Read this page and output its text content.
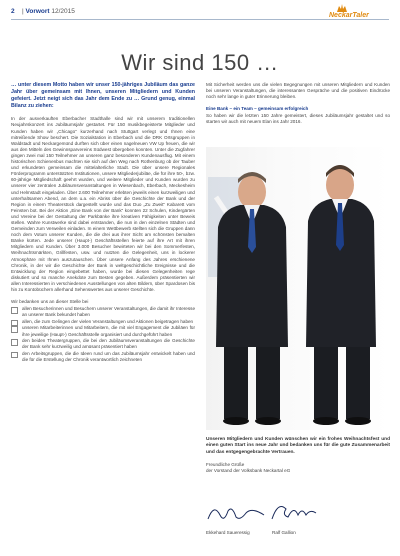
2 | Vorwort 12/2015
NeckarTaler
Wir sind 150 …

… unter diesem Motto haben wir unser 150-jähriges Jubiläum das ganze Jahr über gemeinsam mit Ihnen, unseren Mitgliedern und Kunden gefeiert. Jetzt neigt sich das Jahr dem Ende zu … Grund genug, einmal Bilanz zu ziehen:

In der ausverkauften Eberbacher Stadthalle sind wir mit unserem traditionellen Neujahrskonzert ins Jubiläumsjahr gestartet. Für 150 musikbegeisterte Mitglieder und Kunden haben wir „Chicago“ kurzerhand nach Stuttgart verlegt und Ihnen eine mitreißende Show beschert. Die Sozialstation in Eberbach und die DRK Ortsgruppen in Waldstadt und Neckargemünd durften sich über einen nagelneuen VW Up freuen, die wir aus den Mitteln des Gewinnsparvereins Südwest übergeben konnten. Unter die Zugfahrer gingen zwei mal 150 Teilnehmer an unseren ganz besonderen Kundenausflug. Mit einem historischen Schienenbus machten sie sich auf den Weg nach Rothenburg ob der Tauber und erkundeten gemeinsam die mittelalterliche Stadt. Die über unsere Regionales Förderprogramm unterstützten Institutionen, unsere Mitgliederjubiläe, die für ihre 50-, bzw. 60-jährige Mitgliedschaft geehrt wurden, und weitere Mitglieder und Kunden wurden zu unserer vier zentralen Jubiläumsveranstaltungen in Wiesenbach, Eberbach, Meckesheim und Helmstadt eingeladen. Über 2.600 Teilnehmer erlebten jeweils einen kurzweiligen und unterhaltsamen Abend, an dem u.a. ein Abriss über die Geschichte der Bank und der Region in einem Theaterstück dargestellt wurde und das Duo „Zu Zweit“ Kabarett vom Feinsten bot. Bei der Aktion „Eine Bank von der Bank“ konnten 22 Schulen, Kindergärten und Vereine bei der Gestaltung der Parkbänke ihre kreativen Fähigkeiten unter Beweis stellen. Wahre Kunstwerke sind dabei entstanden, die nun in den einzelnen Städten und Gemeinden zum Verweilen einladen. In einem Wettbewerb stellten sich die Gruppen dann noch dem Votum unserer Kunden, die die drei aus ihrer Sicht am schönsten bemalten Bänke kürten. Jede unserer (Haupt-) Geschäftsstellen feierte auf ihre Art mit ihren Mitgliedern und Kunden. Über 3.000 Besucher bewirteten wir bei den Sommerfesten, Weihnachtsmärkten, Grillfesten, usw. und nutzten die Gelegenheit, uns in lockerer Atmosphäre mit Ihnen auszutauschen. Über unsere Anfang des Jahres erschienene Chronik, in der wir die Geschichte der Bank in weltgeschichtliche Ereignisse und die Entwicklung der Region eingebettet haben, wurde bei diesen Gelegenheiten rege diskutiert und so manche Anekdote zum Besten gegeben. Außerdem präsentierten wir allen Interessierten in verschiedenen Ausstellungen von alten Bildern, über Spardosen bis hin zu Kontobüchern allerhand Sehenswertes aus unserer Geschichte.

Wir bedanken uns an dieser Stelle bei

allen Besucherinnen und Besuchern unserer Veranstaltungen, die damit ihr Interesse an unserer Bank bekundet haben
allen, die zum Gelingen der vielen Veranstaltungen und Aktionen beigetragen haben
unseren Mitarbeiterinnen und Mitarbeitern, die mit viel Engagement die Jubiläen für ihre jeweilige (Haupt-) Geschäftsstelle organisiert und durchgeführt haben
den beiden Theatergruppen, die bei den Jubiläumsveranstaltungen die Geschichte der Bank sehr kurzweilig und amüsant präsentiert haben
den Arbeitsgruppen, die die Ideen rund um das Jubiläumsjahr entwickelt haben und die für die Erstellung der Chronik verantwortlich zeichneten

Mit Sicherheit werden uns die vielen Begegnungen mit unseren Mitgliedern und Kunden bei unseren Veranstaltungen, die interessanten Gespräche und die positiven Eindrücke noch sehr lange in guter Erinnerung bleiben.

Eine Bank – ein Team – gemeinsam erfolgreich

So haben wir die letzten 150 Jahre gemeistert, dieses Jubiläumsjahr gestaltet und so starten wir auch mit neuem Elan ins Jahr 2016.

Unseren Mitgliedern und Kunden wünschen wir ein frohes Weihnachtsfest und einen guten Start ins neue Jahr und bedanken uns für die gute Zusammenarbeit und das entgegengebrachte Vertrauen.

Freundliche Grüße
der Vorstand der Volksbank Neckartal eG
Ekkehard Saueressig	Ralf Gallion
